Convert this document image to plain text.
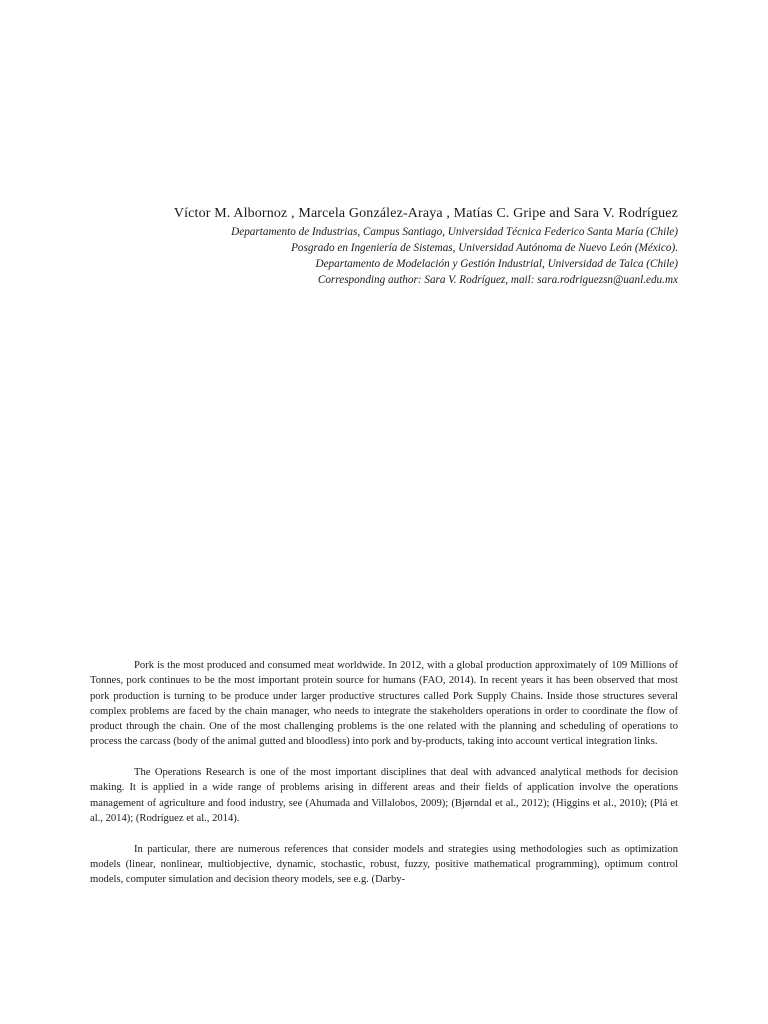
Víctor M. Albornoz , Marcela González-Araya , Matías C. Gripe and Sara V. Rodríguez
Departamento de Industrias, Campus Santiago, Universidad Técnica Federico Santa María (Chile)
Posgrado en Ingeniería de Sistemas, Universidad Autónoma de Nuevo León (México).
Departamento de Modelación y Gestión Industrial, Universidad de Talca (Chile)
Corresponding author: Sara V. Rodríguez, mail: sara.rodriguezsn@uanl.edu.mx

Pork is the most produced and consumed meat worldwide. In 2012, with a global production approximately of 109 Millions of Tonnes, pork continues to be the most important protein source for humans (FAO, 2014). In recent years it has been observed that most pork production is turning to be produce under larger productive structures called Pork Supply Chains. Inside those structures several complex problems are faced by the chain manager, who needs to integrate the stakeholders operations in order to coordinate the flow of product through the chain. One of the most challenging problems is the one related with the planning and scheduling of operations to process the carcass (body of the animal gutted and bloodless) into pork and by-products, taking into account vertical integration links.

The Operations Research is one of the most important disciplines that deal with advanced analytical methods for decision making. It is applied in a wide range of problems arising in different areas and their fields of application involve the operations management of agriculture and food industry, see (Ahumada and Villalobos, 2009); (Bjørndal et al., 2012); (Higgins et al., 2010); (Plá et al., 2014); (Rodríguez et al., 2014).

In particular, there are numerous references that consider models and strategies using methodologies such as optimization models (linear, nonlinear, multiobjective, dynamic, stochastic, robust, fuzzy, positive mathematical programming), optimum control models, computer simulation and decision theory models, see e.g. (Darby-
